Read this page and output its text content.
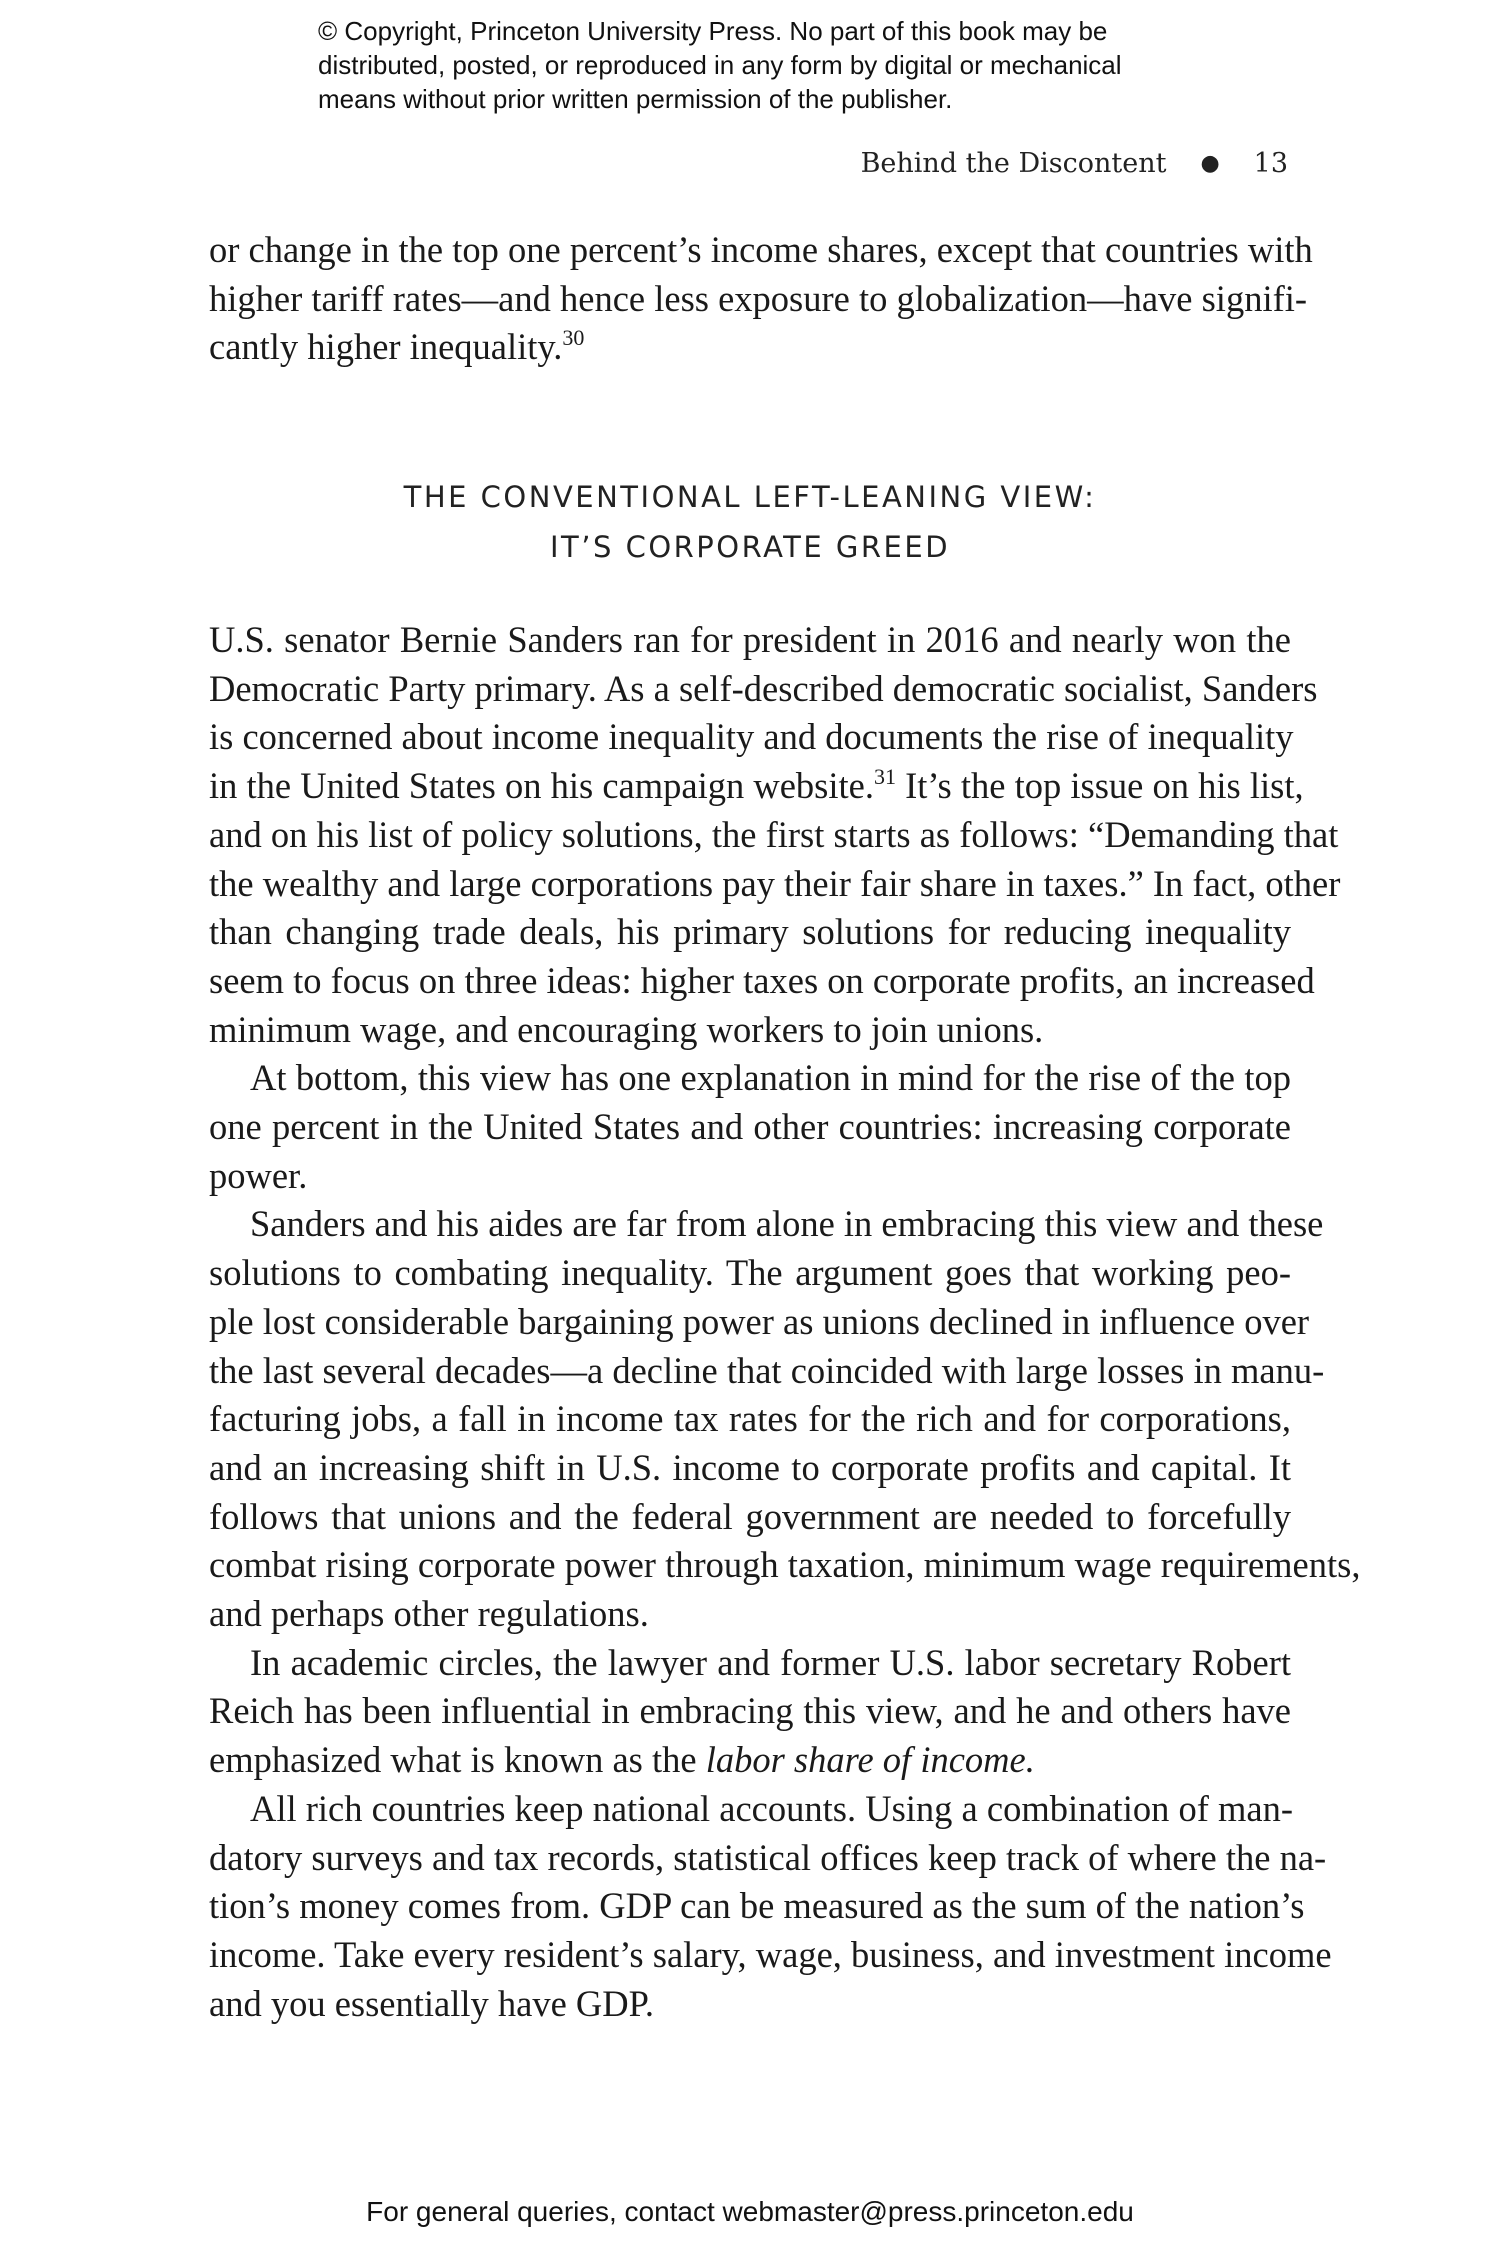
© Copyright, Princeton University Press. No part of this book may be
distributed, posted, or reproduced in any form by digital or mechanical
means without prior written permission of the publisher.
Behind the Discontent ● 13
or change in the top one percent’s income shares, except that countries with
higher tariff rates—and hence less exposure to globalization—have signifi-
cantly higher inequality.$^{30}$
THE CONVENTIONAL LEFT-LEANING VIEW:
IT’S CORPORATE GREED
U.S. senator Bernie Sanders ran for president in 2016 and nearly won the
Democratic Party primary. As a self-described democratic socialist, Sanders
is concerned about income inequality and documents the rise of inequality
in the United States on his campaign website.$^{31}$ It’s the top issue on his list,
and on his list of policy solutions, the first starts as follows: “Demanding that
the wealthy and large corporations pay their fair share in taxes.” In fact, other
than changing trade deals, his primary solutions for reducing inequality
seem to focus on three ideas: higher taxes on corporate profits, an increased
minimum wage, and encouraging workers to join unions.
At bottom, this view has one explanation in mind for the rise of the top
one percent in the United States and other countries: increasing corporate
power.
Sanders and his aides are far from alone in embracing this view and these
solutions to combating inequality. The argument goes that working peo-
ple lost considerable bargaining power as unions declined in influence over
the last several decades—a decline that coincided with large losses in manu-
facturing jobs, a fall in income tax rates for the rich and for corporations,
and an increasing shift in U.S. income to corporate profits and capital. It
follows that unions and the federal government are needed to forcefully
combat rising corporate power through taxation, minimum wage requirements,
and perhaps other regulations.
In academic circles, the lawyer and former U.S. labor secretary Robert
Reich has been influential in embracing this view, and he and others have
emphasized what is known as the labor share of income.
All rich countries keep national accounts. Using a combination of man-
datory surveys and tax records, statistical offices keep track of where the na-
tion’s money comes from. GDP can be measured as the sum of the nation’s
income. Take every resident’s salary, wage, business, and investment income
and you essentially have GDP.
For general queries, contact webmaster@press.princeton.edu
